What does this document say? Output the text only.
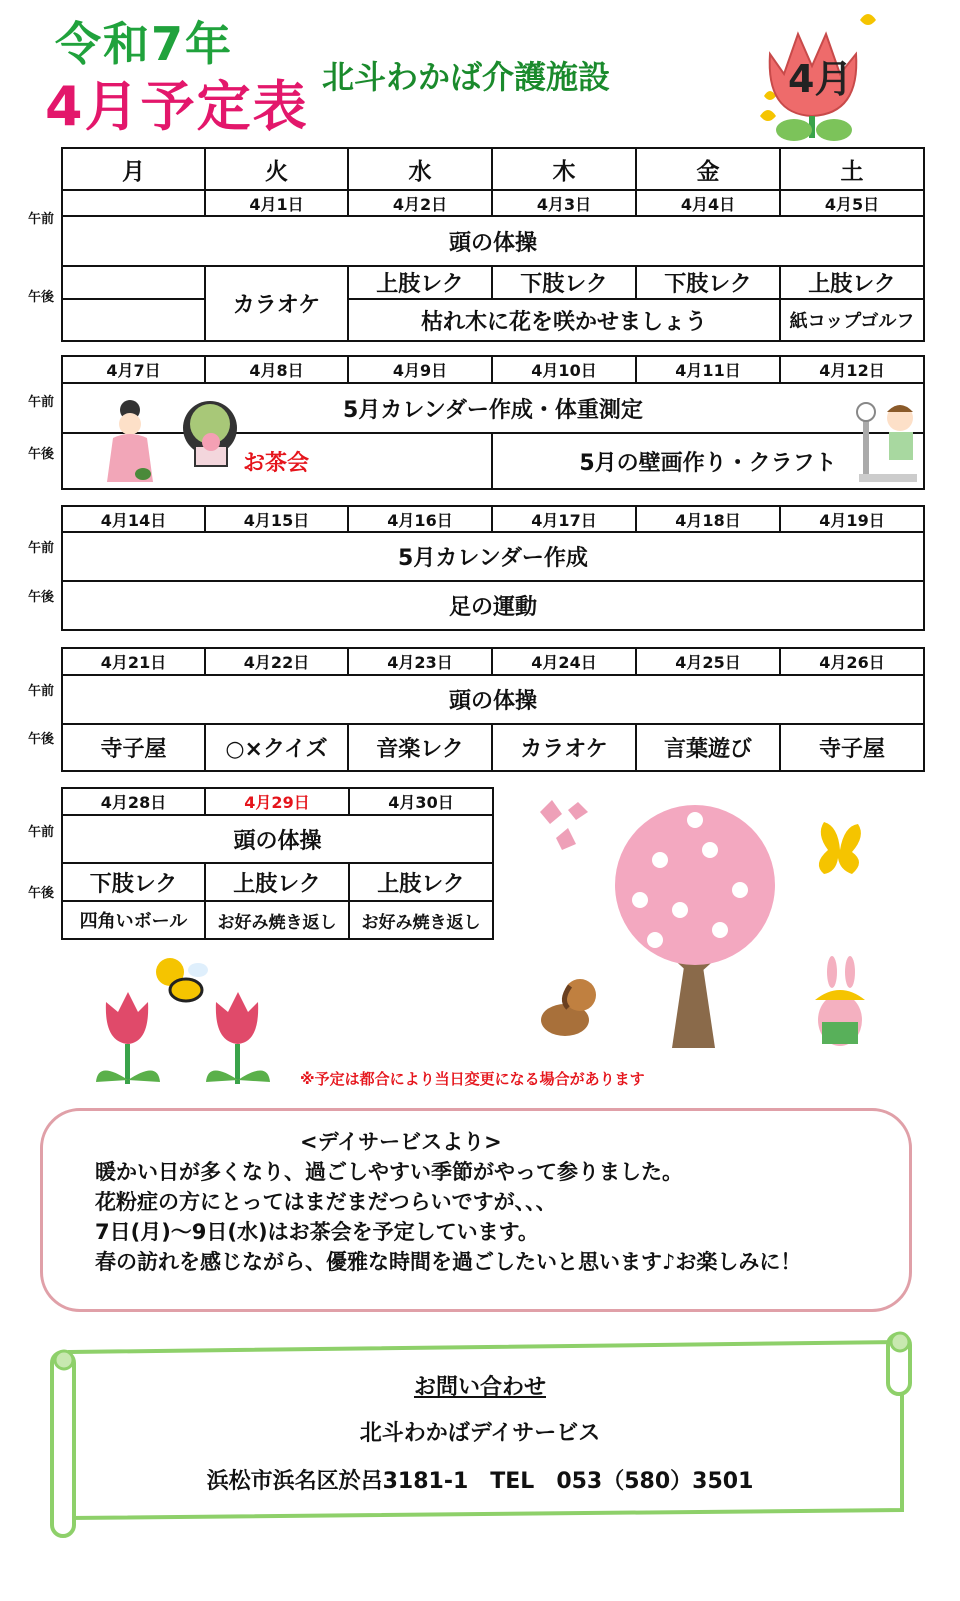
令和7年
4月予定表 北斗わかば介護施設	4月
午前
午後
月	火	水	木	金	土
	4月1日	4月2日	4月3日	4月4日	4月5日
頭の体操					
	カラオケ	上肢レク	下肢レク	下肢レク	上肢レク
		枯れ木に花を咲かせましょう			紙コップゴルフ
午前
午後
4月7日	4月8日	4月9日	4月10日	4月11日	4月12日
5月カレンダー作成・体重測定					
お茶会			5月の壁画作り・クラフト		
午前
午後
4月14日	4月15日	4月16日	4月17日	4月18日	4月19日
5月カレンダー作成
足の運動
午前
午後
4月21日	4月22日	4月23日	4月24日	4月25日	4月26日
頭の体操					
寺子屋	○×クイズ	音楽レク	カラオケ	言葉遊び	寺子屋
午前
午後
4月28日	4月29日	4月30日
頭の体操		
下肢レク	上肢レク	上肢レク
四角いボール	お好み焼き返し	お好み焼き返し
※予定は都合により当日変更になる場合があります
<デイサービスより>
暖かい日が多くなり、過ごしやすい季節がやって参りました。
花粉症の方にとってはまだまだつらいですが、、、
7日(月)〜9日(水)はお茶会を予定しています。
春の訪れを感じながら、優雅な時間を過ごしたいと思います♪お楽しみに！
お問い合わせ
北斗わかばデイサービス
浜松市浜名区於呂3181-1　TEL　053（580）3501
